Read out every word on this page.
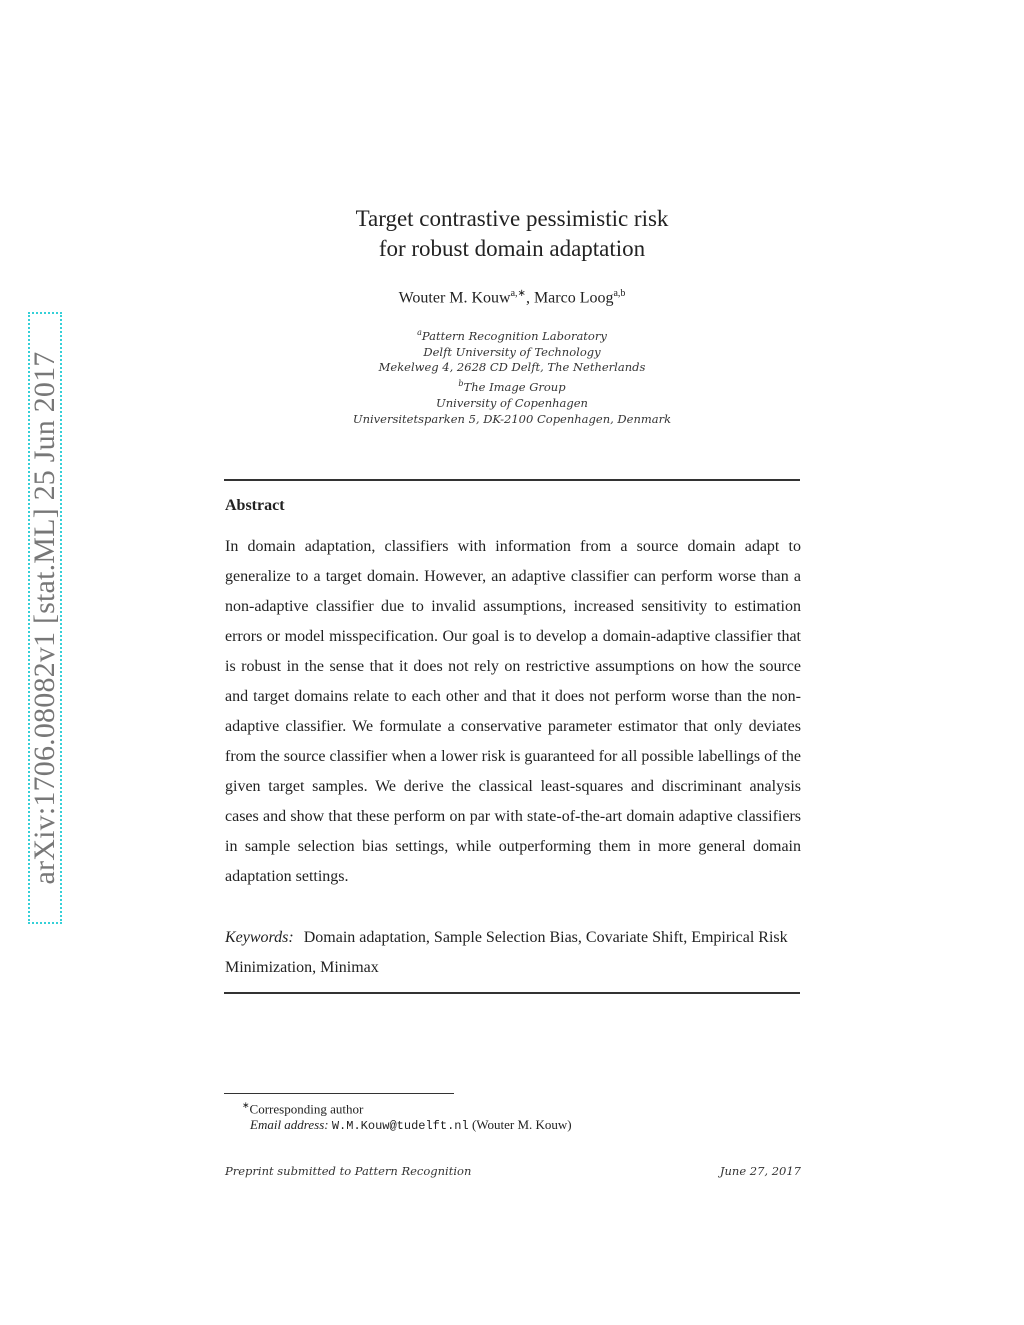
arXiv:1706.08082v1 [stat.ML] 25 Jun 2017
Target contrastive pessimistic risk
for robust domain adaptation
Wouter M. Kouw$^{a,∗}$, Marco Loog$^{a,b}$
$^a$Pattern Recognition Laboratory
Delft University of Technology
Mekelweg 4, 2628 CD Delft, The Netherlands
$^b$The Image Group
University of Copenhagen
Universitetsparken 5, DK-2100 Copenhagen, Denmark
Abstract
In domain adaptation, classifiers with information from a source domain adapt to generalize to a target domain. However, an adaptive classifier can perform worse than a non-adaptive classifier due to invalid assumptions, increased sensitivity to estimation errors or model misspecification. Our goal is to develop a domain-adaptive classifier that is robust in the sense that it does not rely on restrictive assumptions on how the source and target domains relate to each other and that it does not perform worse than the non-adaptive classifier. We formulate a conservative parameter estimator that only deviates from the source classifier when a lower risk is guaranteed for all possible labellings of the given target samples. We derive the classical least-squares and discriminant analysis cases and show that these perform on par with state-of-the-art domain adaptive classifiers in sample selection bias settings, while outperforming them in more general domain adaptation settings.
Keywords: Domain adaptation, Sample Selection Bias, Covariate Shift, Empirical Risk Minimization, Minimax
∗Corresponding author
Email address: W.M.Kouw@tudelft.nl (Wouter M. Kouw)
Preprint submitted to Pattern Recognition	June 27, 2017
